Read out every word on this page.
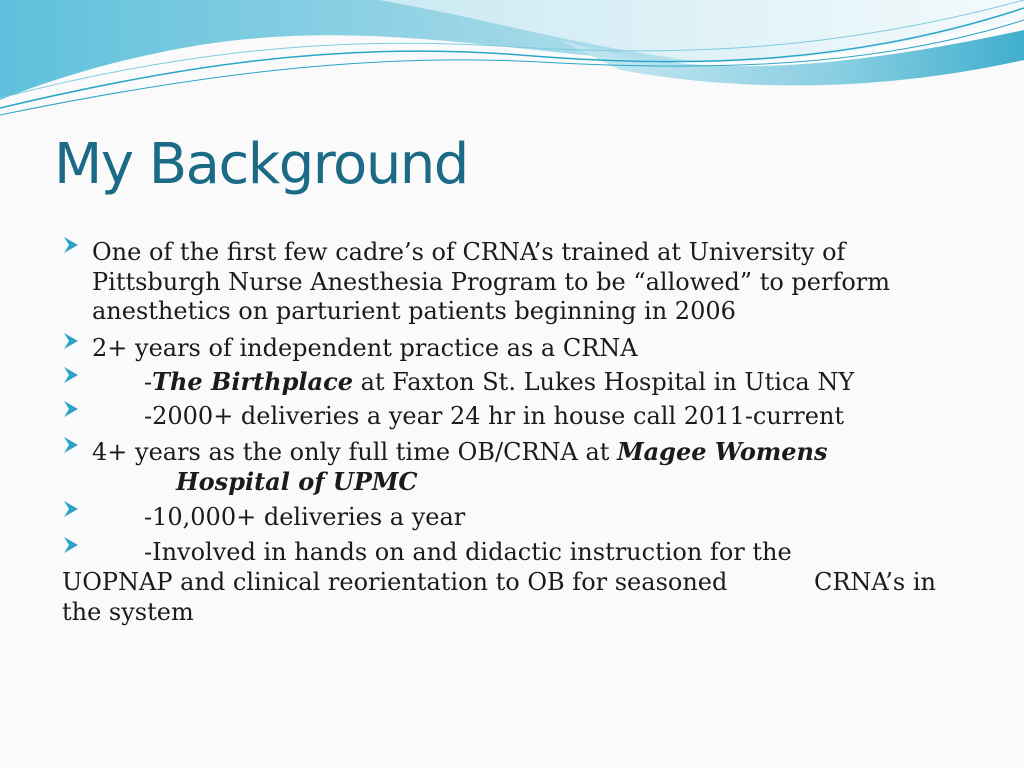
My Background
One of the first few cadre’s of CRNA’s trained at University of
Pittsburgh Nurse Anesthesia Program to be “allowed” to perform
anesthetics on parturient patients beginning in 2006
2+ years of independent practice as a CRNA
-The Birthplace at Faxton St. Lukes Hospital in Utica NY
-2000+ deliveries a year 24 hr in house call 2011-current
4+ years as the only full time OB/CRNA at Magee Womens
Hospital of UPMC
-10,000+ deliveries a year
-Involved in hands on and didactic instruction for the
UOPNAP and clinical reorientation to OB for seasoned	CRNA’s in
the system
